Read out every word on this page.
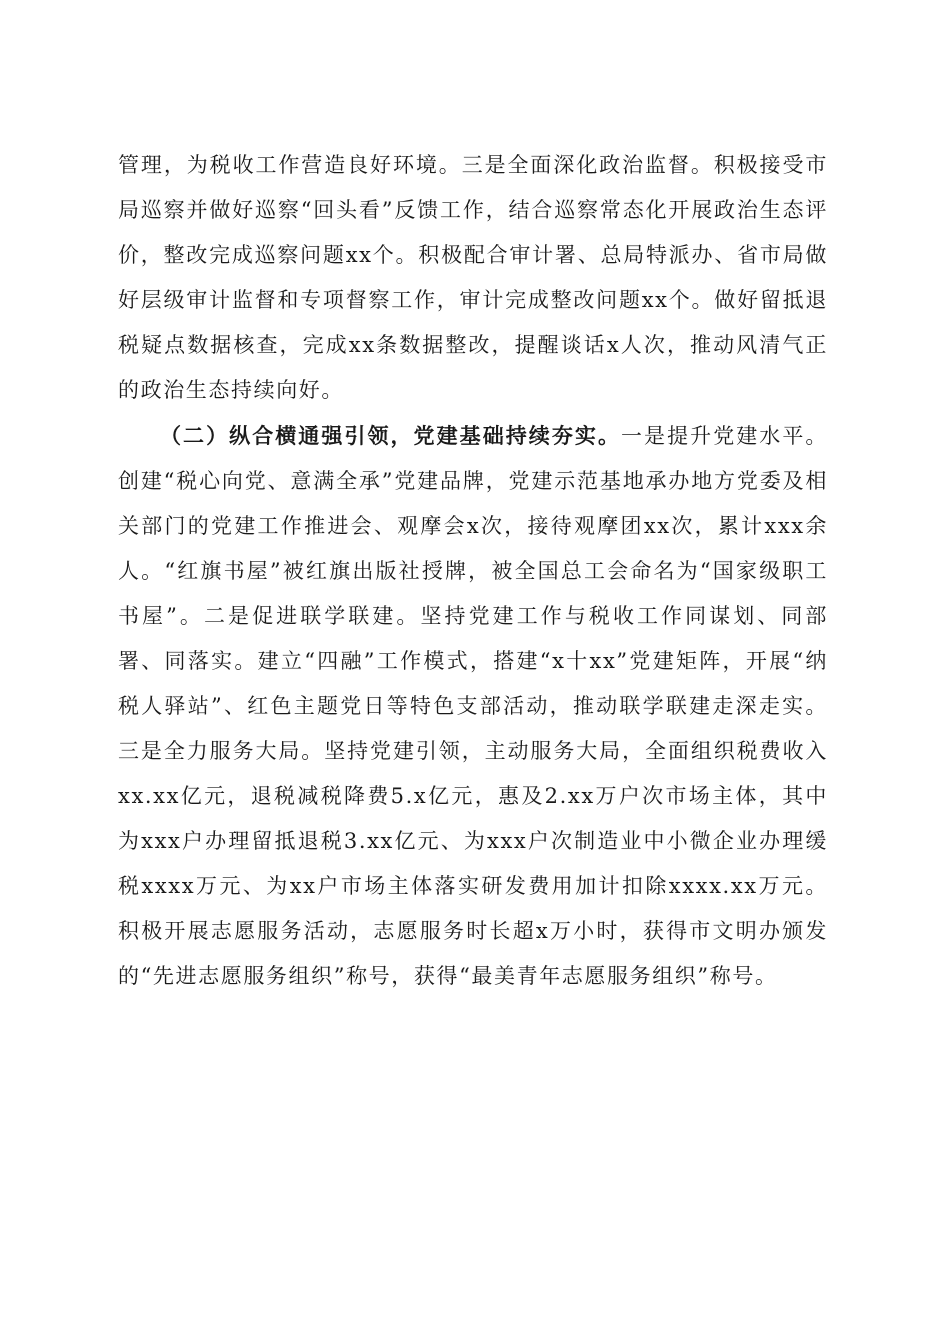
管理，为税收工作营造良好环境。三是全面深化政治监督。积极接受市局巡察并做好巡察“回头看”反馈工作，结合巡察常态化开展政治生态评价，整改完成巡察问题xx个。积极配合审计署、总局特派办、省市局做好层级审计监督和专项督察工作，审计完成整改问题xx个。做好留抵退税疑点数据核查，完成xx条数据整改，提醒谈话x人次，推动风清气正的政治生态持续向好。

（二）纵合横通强引领，党建基础持续夯实。一是提升党建水平。创建“税心向党、意满全承”党建品牌，党建示范基地承办地方党委及相关部门的党建工作推进会、观摩会x次，接待观摩团xx次，累计xxx余人。“红旗书屋”被红旗出版社授牌，被全国总工会命名为“国家级职工书屋”。二是促进联学联建。坚持党建工作与税收工作同谋划、同部署、同落实。建立“四融”工作模式，搭建“x十xx”党建矩阵，开展“纳税人驿站”、红色主题党日等特色支部活动，推动联学联建走深走实。三是全力服务大局。坚持党建引领，主动服务大局，全面组织税费收入xx.xx亿元，退税减税降费5.x亿元，惠及2.xx万户次市场主体，其中为xxx户办理留抵退税3.xx亿元、为xxx户次制造业中小微企业办理缓税xxxx万元、为xx户市场主体落实研发费用加计扣除xxxx.xx万元。积极开展志愿服务活动，志愿服务时长超x万小时，获得市文明办颁发的“先进志愿服务组织”称号，获得“最美青年志愿服务组织”称号。
